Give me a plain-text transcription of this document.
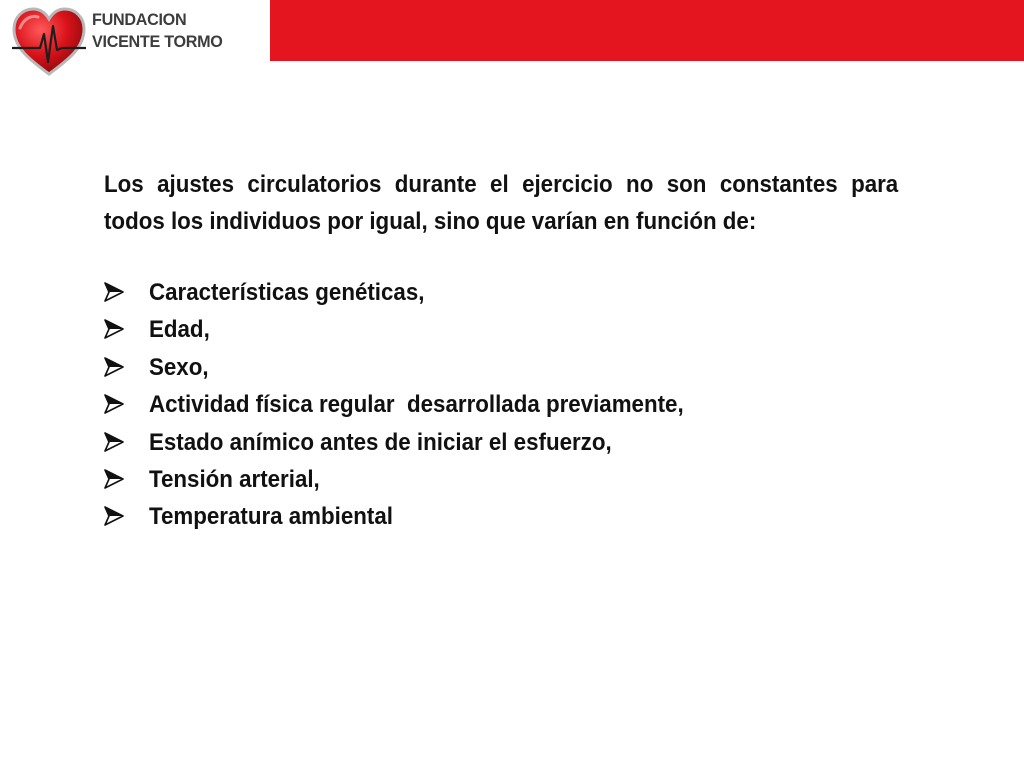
FUNDACION
VICENTE TORMO

Los ajustes circulatorios durante el ejercicio no son constantes para todos los individuos por igual, sino que varían en función de:

Características genéticas,
Edad,
Sexo,
Actividad física regular  desarrollada previamente,
Estado anímico antes de iniciar el esfuerzo,
Tensión arterial,
Temperatura ambiental
